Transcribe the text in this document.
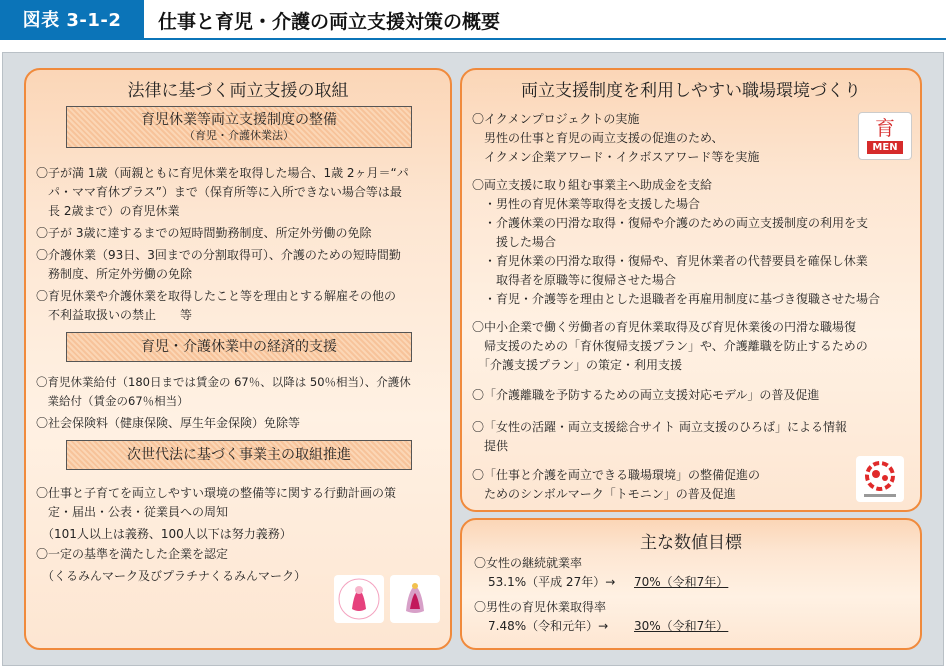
図表 3-1-2	仕事と育児・介護の両立支援対策の概要
法律に基づく両立支援の取組
育児休業等両立支援制度の整備
（育児・介護休業法）
〇子が満 1歳（両親ともに育児休業を取得した場合、1歳 2ヶ月＝“パ
　パ・ママ育休プラス”）まで（保育所等に入所できない場合等は最
　長 2歳まで）の育児休業
〇子が 3歳に達するまでの短時間勤務制度、所定外労働の免除
〇介護休業（93日、3回までの分割取得可）、介護のための短時間勤
　務制度、所定外労働の免除
〇育児休業や介護休業を取得したこと等を理由とする解雇その他の
　不利益取扱いの禁止　　等
育児・介護休業中の経済的支援
〇育児休業給付（180日までは賃金の 67％、以降は 50％相当）、介護休
　業給付（賃金の67％相当）
〇社会保険料（健康保険、厚生年金保険）免除等
次世代法に基づく事業主の取組推進
〇仕事と子育てを両立しやすい環境の整備等に関する行動計画の策
　定・届出・公表・従業員への周知
　（101人以上は義務、100人以下は努力義務）
〇一定の基準を満たした企業を認定
　（くるみんマーク及びプラチナくるみんマーク）
両立支援制度を利用しやすい職場環境づくり
〇イクメンプロジェクトの実施
　男性の仕事と育児の両立支援の促進のため、
　イクメン企業アワード・イクボスアワード等を実施
育
MEN
〇両立支援に取り組む事業主へ助成金を支給
　・男性の育児休業等取得を支援した場合
　・介護休業の円滑な取得・復帰や介護のための両立支援制度の利用を支
　　援した場合
　・育児休業の円滑な取得・復帰や、育児休業者の代替要員を確保し休業
　　取得者を原職等に復帰させた場合
　・育児・介護等を理由とした退職者を再雇用制度に基づき復職させた場合
〇中小企業で働く労働者の育児休業取得及び育児休業後の円滑な職場復
　帰支援のための「育休復帰支援プラン」や、介護離職を防止するための
　「介護支援プラン」の策定・利用支援
〇「介護離職を予防するための両立支援対応モデル」の普及促進
〇「女性の活躍・両立支援総合サイト 両立支援のひろば」による情報
　提供
〇「仕事と介護を両立できる職場環境」の整備促進の
　ためのシンボルマーク「トモニン」の普及促進
主な数値目標
〇女性の継続就業率
53.1%（平成 27年）→ 70%（令和7年）
〇男性の育児休業取得率
7.48%（令和元年）→ 30%（令和7年）
